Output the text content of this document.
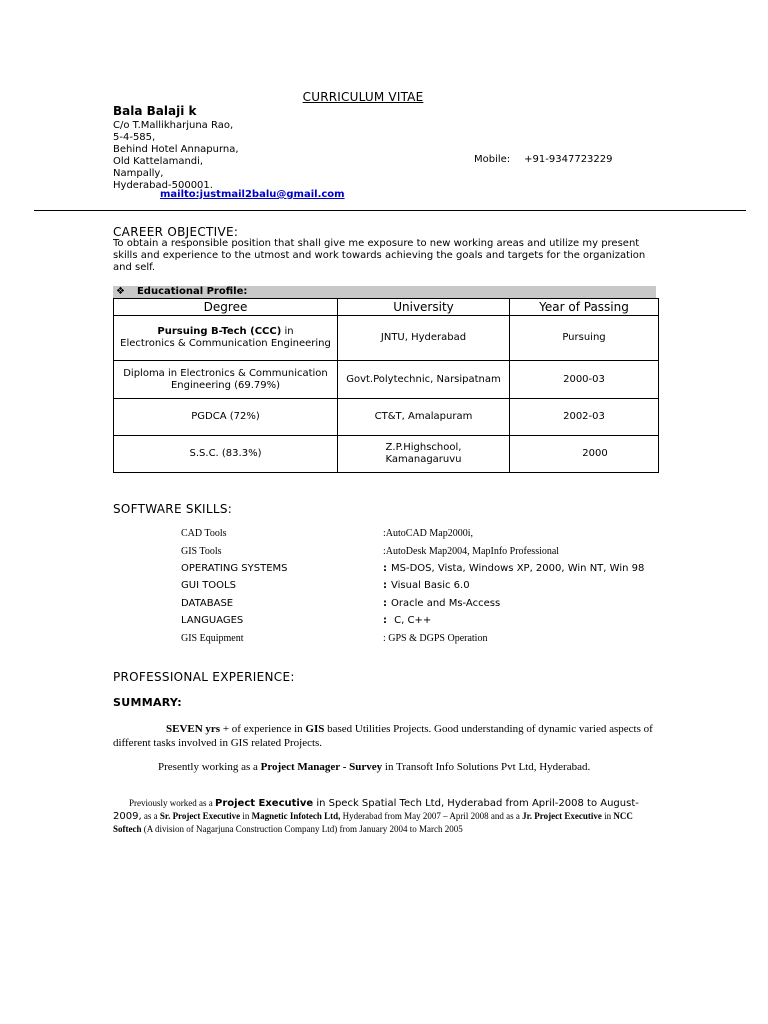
CURRICULUM VITAE
Bala Balaji k
C/o T.Mallikharjuna Rao,
5-4-585,
Behind Hotel Annapurna,
Old Kattelamandi,
Nampally,
Hyderabad-500001.
Mobile: +91-9347723229
mailto:justmail2balu@gmail.com
CAREER OBJECTIVE:
To obtain a responsible position that shall give me exposure to new working areas and utilize my present skills and experience to the utmost and work towards achieving the goals and targets for the organization and self.
❖ Educational Profile:
Degree	University	Year of Passing
Pursuing B-Tech (CCC) in
Electronics & Communication Engineering	JNTU, Hyderabad	Pursuing
Diploma in Electronics & Communication Engineering (69.79%)	Govt.Polytechnic, Narsipatnam	2000-03
PGDCA (72%)	CT&T, Amalapuram	2002-03
S.S.C. (83.3%)	Z.P.Highschool, Kamanagaruvu	2000
SOFTWARE SKILLS:
CAD Tools	:AutoCAD Map2000i,
GIS Tools	:AutoDesk Map2004, MapInfo Professional
OPERATING SYSTEMS	: MS-DOS, Vista, Windows XP, 2000, Win NT, Win 98
GUI TOOLS	: Visual Basic 6.0
DATABASE	: Oracle and Ms-Access
LANGUAGES	: C, C++
GIS Equipment	: GPS & DGPS Operation
PROFESSIONAL EXPERIENCE:
SUMMARY:
SEVEN yrs + of experience in GIS based Utilities Projects. Good understanding of dynamic varied aspects of different tasks involved in GIS related Projects.
Presently working as a Project Manager - Survey in Transoft Info Solutions Pvt Ltd, Hyderabad.
Previously worked as a Project Executive in Speck Spatial Tech Ltd, Hyderabad from April-2008 to August-2009, as a Sr. Project Executive in Magnetic Infotech Ltd, Hyderabad from May 2007 – April 2008 and as a Jr. Project Executive in NCC Softech (A division of Nagarjuna Construction Company Ltd) from January 2004 to March 2005
